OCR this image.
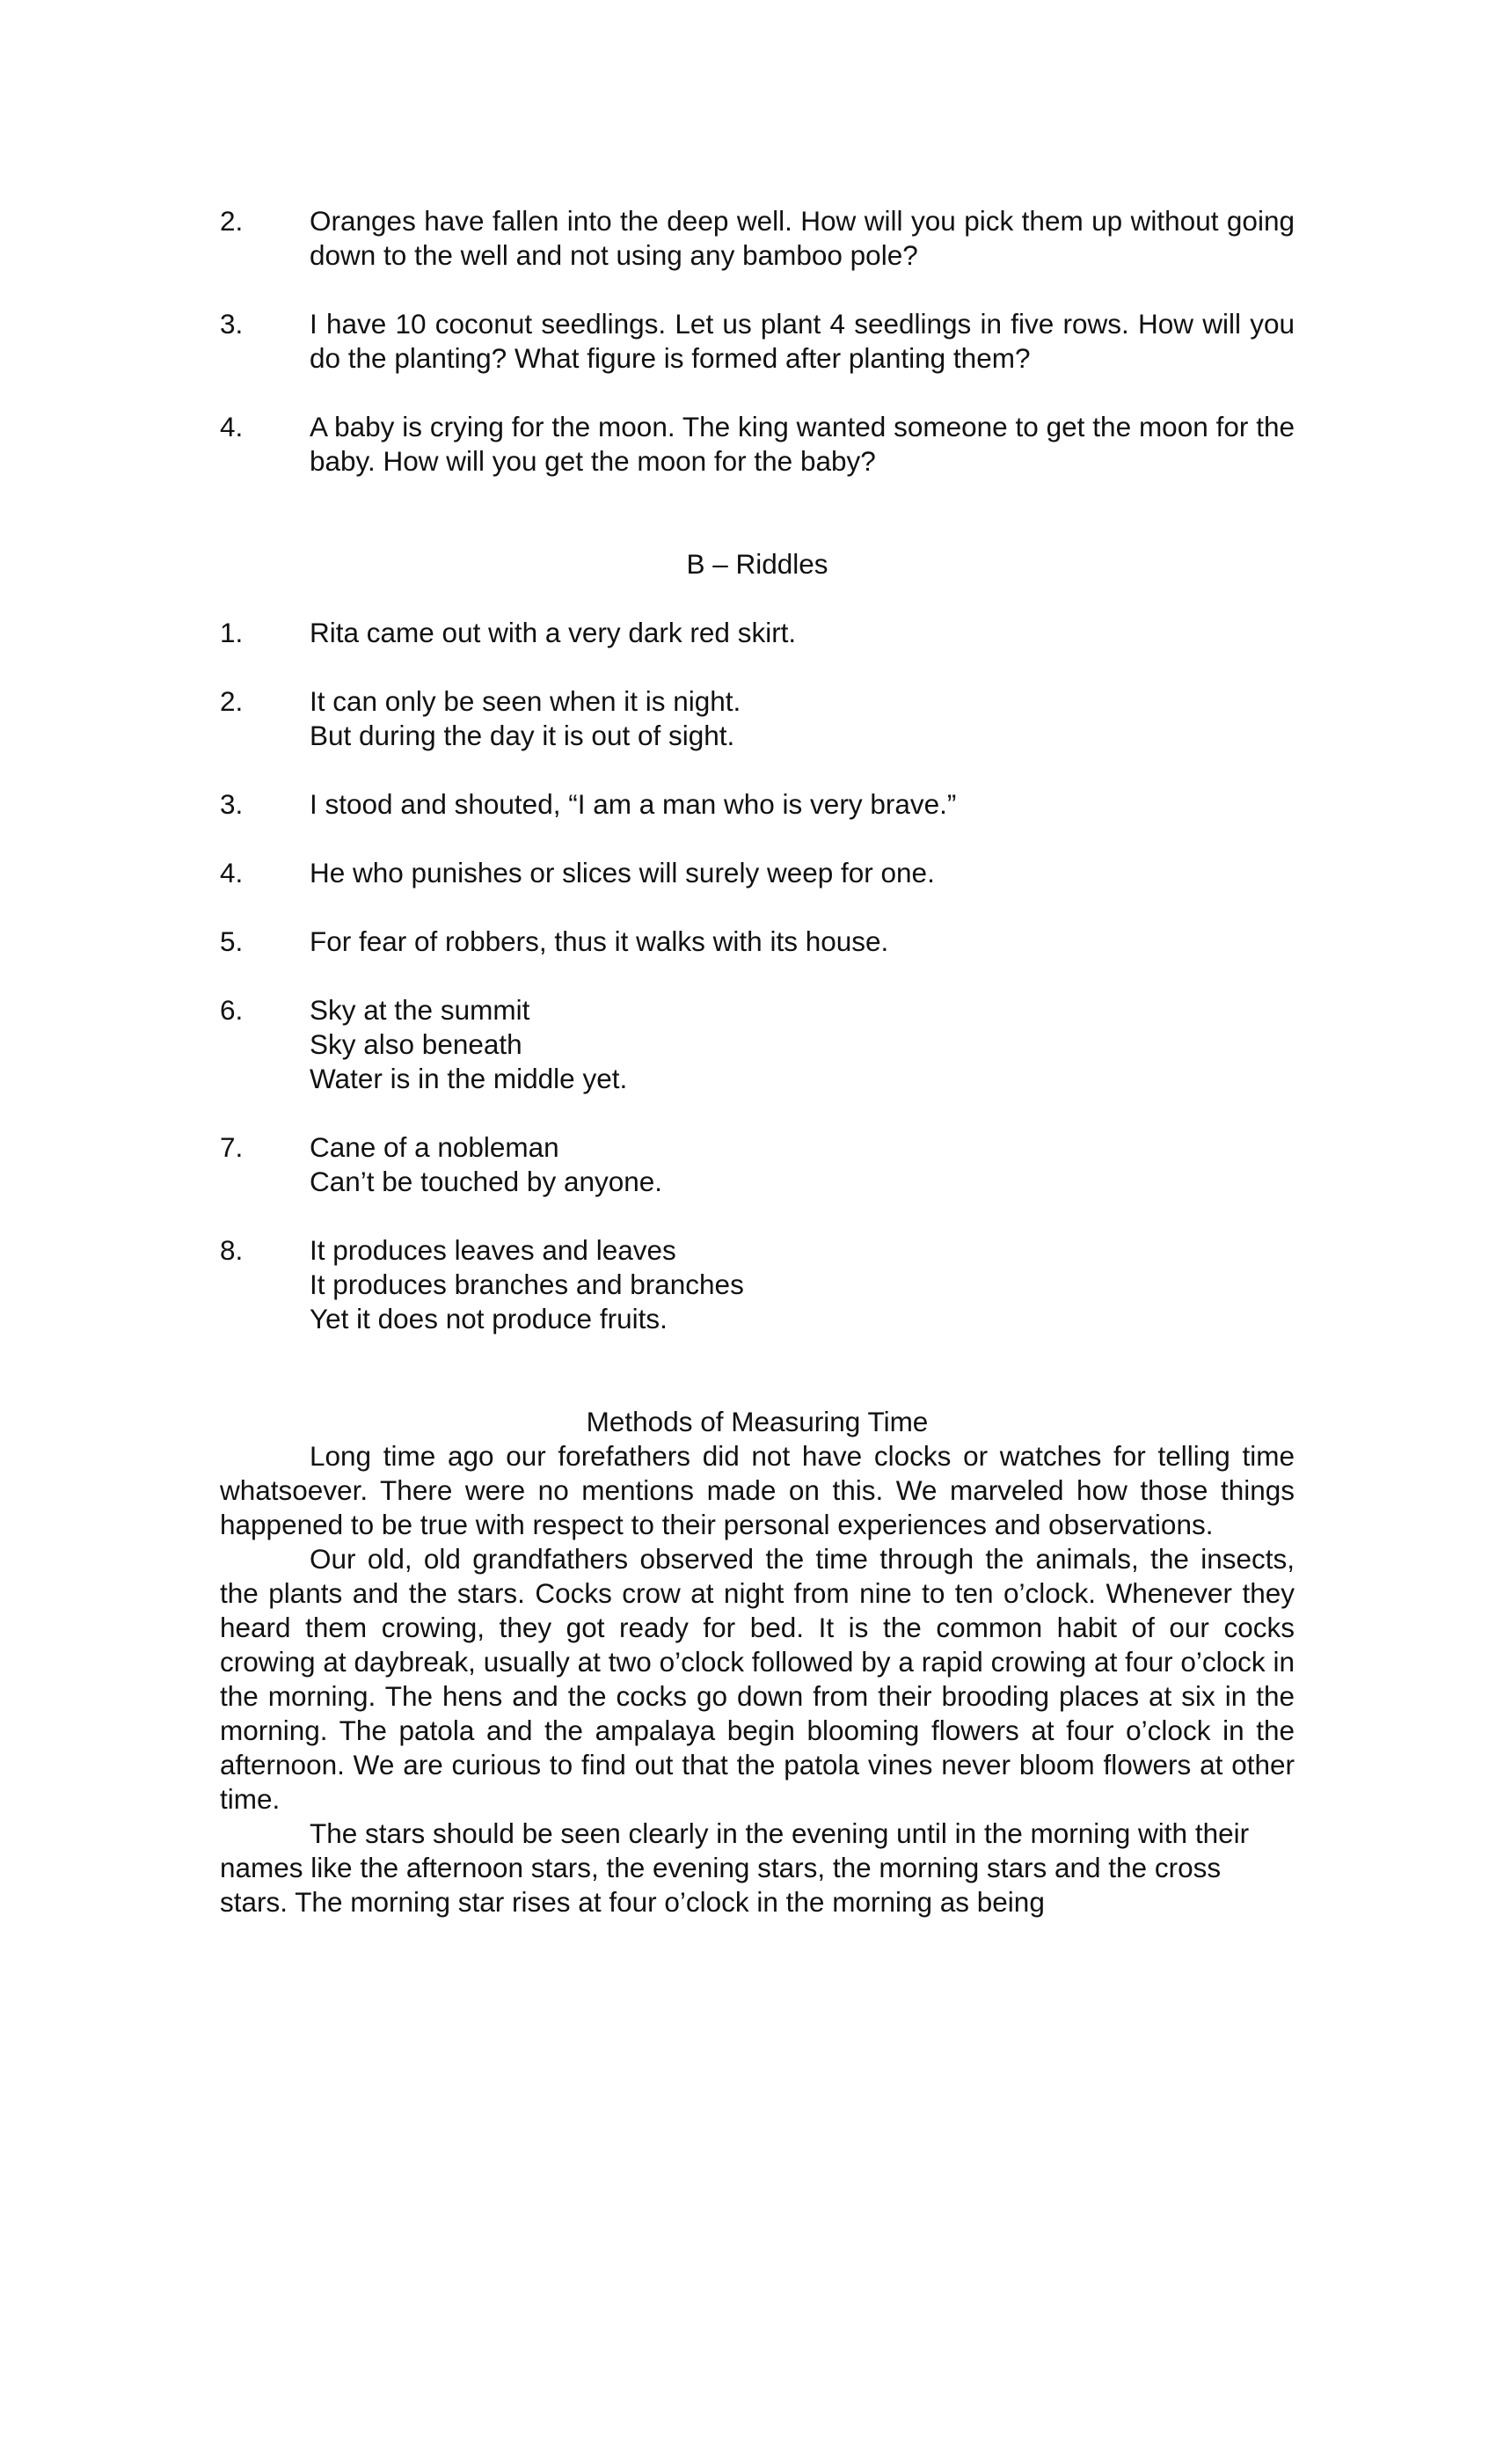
2.	Oranges have fallen into the deep well. How will you pick them up without going down to the well and not using any bamboo pole?
3.	I have 10 coconut seedlings. Let us plant 4 seedlings in five rows. How will you do the planting? What figure is formed after planting them?
4.	A baby is crying for the moon. The king wanted someone to get the moon for the baby. How will you get the moon for the baby?

B – Riddles

1.	Rita came out with a very dark red skirt.
2.	It can only be seen when it is night.
But during the day it is out of sight.
3.	I stood and shouted, “I am a man who is very brave.”
4.	He who punishes or slices will surely weep for one.
5.	For fear of robbers, thus it walks with its house.
6.	Sky at the summit
Sky also beneath
Water is in the middle yet.
7.	Cane of a nobleman
Can’t be touched by anyone.
8.	It produces leaves and leaves
It produces branches and branches
Yet it does not produce fruits.

Methods of Measuring Time

Long time ago our forefathers did not have clocks or watches for telling time whatsoever. There were no mentions made on this. We marveled how those things happened to be true with respect to their personal experiences and observations.

Our old, old grandfathers observed the time through the animals, the insects, the plants and the stars. Cocks crow at night from nine to ten o’clock. Whenever they heard them crowing, they got ready for bed. It is the common habit of our cocks crowing at daybreak, usually at two o’clock followed by a rapid crowing at four o’clock in the morning. The hens and the cocks go down from their brooding places at six in the morning. The patola and the ampalaya begin blooming flowers at four o’clock in the afternoon. We are curious to find out that the patola vines never bloom flowers at other time.

The stars should be seen clearly in the evening until in the morning with their names like the afternoon stars, the evening stars, the morning stars and the cross stars. The morning star rises at four o’clock in the morning as being
